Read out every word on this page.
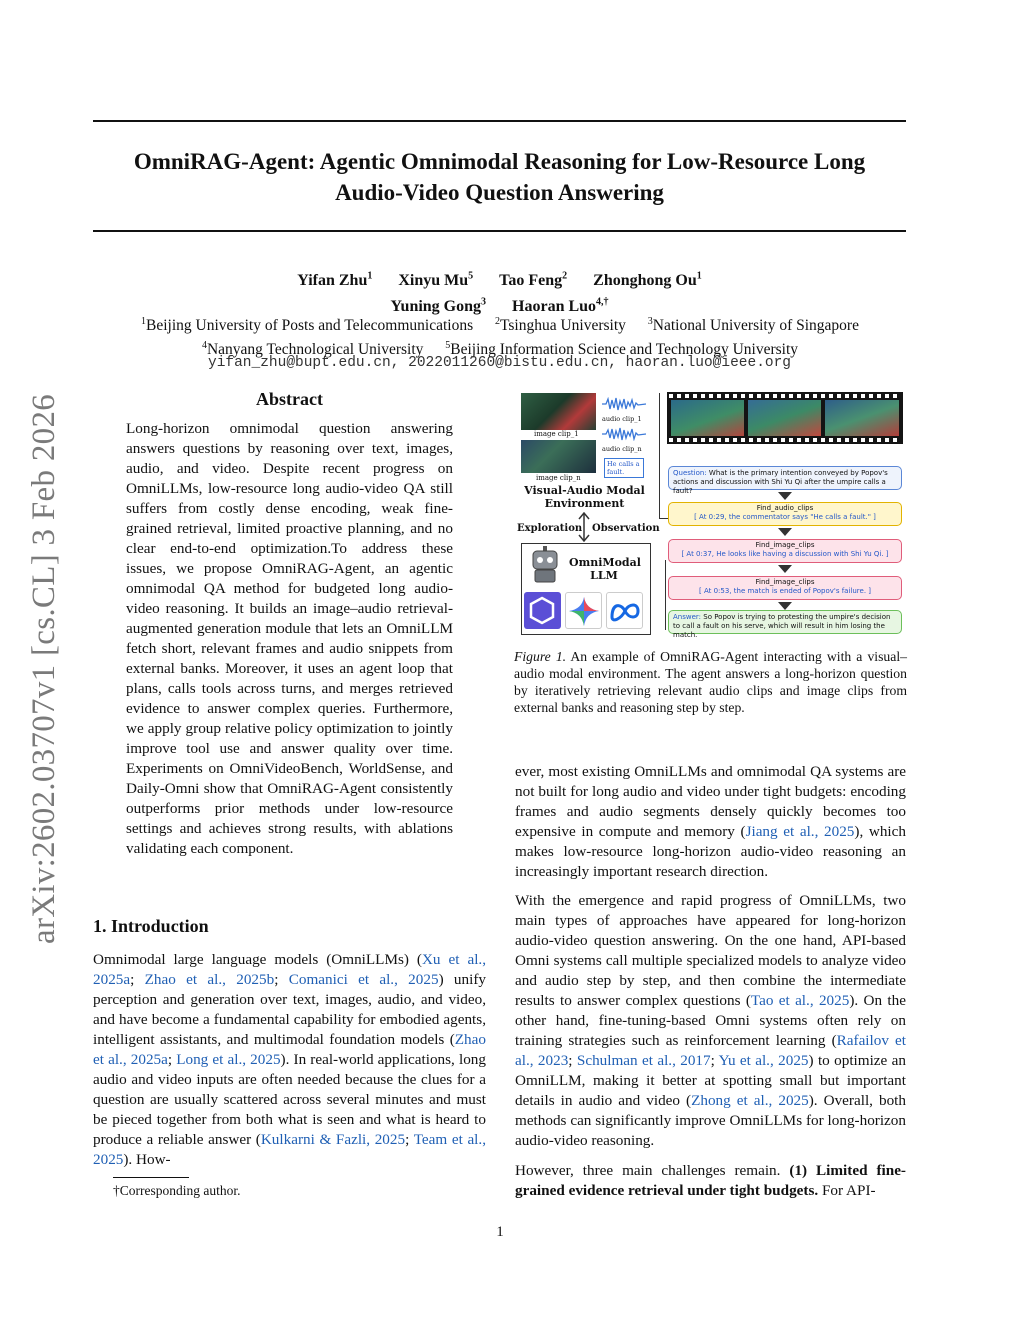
arXiv:2602.03707v1 [cs.CL] 3 Feb 2026
OmniRAG-Agent: Agentic Omnimodal Reasoning for Low-Resource Long
Audio-Video Question Answering
Yifan Zhu$^1$ Xinyu Mu$^5$ Tao Feng$^2$ Zhonghong Ou$^1$
Yuning Gong$^3$ Haoran Luo$^{4,\dagger}$
$^1$Beijing University of Posts and Telecommunications $^2$Tsinghua University $^3$National University of Singapore
$^4$Nanyang Technological University $^5$Beijing Information Science and Technology University
yifan_zhu@bupt.edu.cn, 2022011260@bistu.edu.cn, haoran.luo@ieee.org
Abstract
Long-horizon omnimodal question answering answers questions by reasoning over text, images, audio, and video. Despite recent progress on OmniLLMs, low-resource long audio-video QA still suffers from costly dense encoding, weak fine-grained retrieval, limited proactive planning, and no clear end-to-end optimization.To address these issues, we propose OmniRAG-Agent, an agentic omnimodal QA method for budgeted long audio-video reasoning. It builds an image–audio retrieval-augmented generation module that lets an OmniLLM fetch short, relevant frames and audio snippets from external banks. Moreover, it uses an agent loop that plans, calls tools across turns, and merges retrieved evidence to answer complex queries. Furthermore, we apply group relative policy optimization to jointly improve tool use and answer quality over time. Experiments on OmniVideoBench, WorldSense, and Daily-Omni show that OmniRAG-Agent consistently outperforms prior methods under low-resource settings and achieves strong results, with ablations validating each component.
1. Introduction
Omnimodal large language models (OmniLLMs) (Xu et al., 2025a; Zhao et al., 2025b; Comanici et al., 2025) unify perception and generation over text, images, audio, and video, and have become a fundamental capability for embodied agents, intelligent assistants, and multimodal foundation models (Zhao et al., 2025a; Long et al., 2025). In real-world applications, long audio and video inputs are often needed because the clues for a question are usually scattered across several minutes and must be pieced together from both what is seen and what is heard to produce a reliable answer (Kulkarni & Fazli, 2025; Team et al., 2025). How-
†Corresponding author.
ever, most existing OmniLLMs and omnimodal QA systems are not built for long audio and video under tight budgets: encoding frames and audio segments densely quickly becomes too expensive in compute and memory (Jiang et al., 2025), which makes low-resource long-horizon audio-video reasoning an increasingly important research direction.
With the emergence and rapid progress of OmniLLMs, two main types of approaches have appeared for long-horizon audio-video question answering. On the one hand, API-based Omni systems call multiple specialized models to analyze video and audio step by step, and then combine the intermediate results to answer complex questions (Tao et al., 2025). On the other hand, fine-tuning-based Omni systems often rely on training strategies such as reinforcement learning (Rafailov et al., 2023; Schulman et al., 2017; Yu et al., 2025) to optimize an OmniLLM, making it better at spotting small but important details in audio and video (Zhong et al., 2025). Overall, both methods can significantly improve OmniLLMs for long-horizon audio-video reasoning.
However, three main challenges remain. (1) Limited fine-grained evidence retrieval under tight budgets. For API-
image clip_1
image clip_n
audio clip_1
audio clip_n
He calls a fault.
Visual-Audio Modal Environment
Exploration Observation
OmniModal LLM
Question: What is the primary intention conveyed by Popov's actions and discussion with Shi Yu Qi after the umpire calls a fault?
Find_audio_clips
[ At 0:29, the commentator says "He calls a fault." ]
Find_image_clips
[ At 0:37, He looks like having a discussion with Shi Yu Qi. ]
Find_image_clips
[ At 0:53, the match is ended of Popov's failure. ]
Answer: So Popov is trying to protesting the umpire's decision to call a fault on his serve, which will result in him losing the match.
Figure 1. An example of OmniRAG-Agent interacting with a visual–audio modal environment. The agent answers a long-horizon question by iteratively retrieving relevant audio clips and image clips from external banks and reasoning step by step.
1
